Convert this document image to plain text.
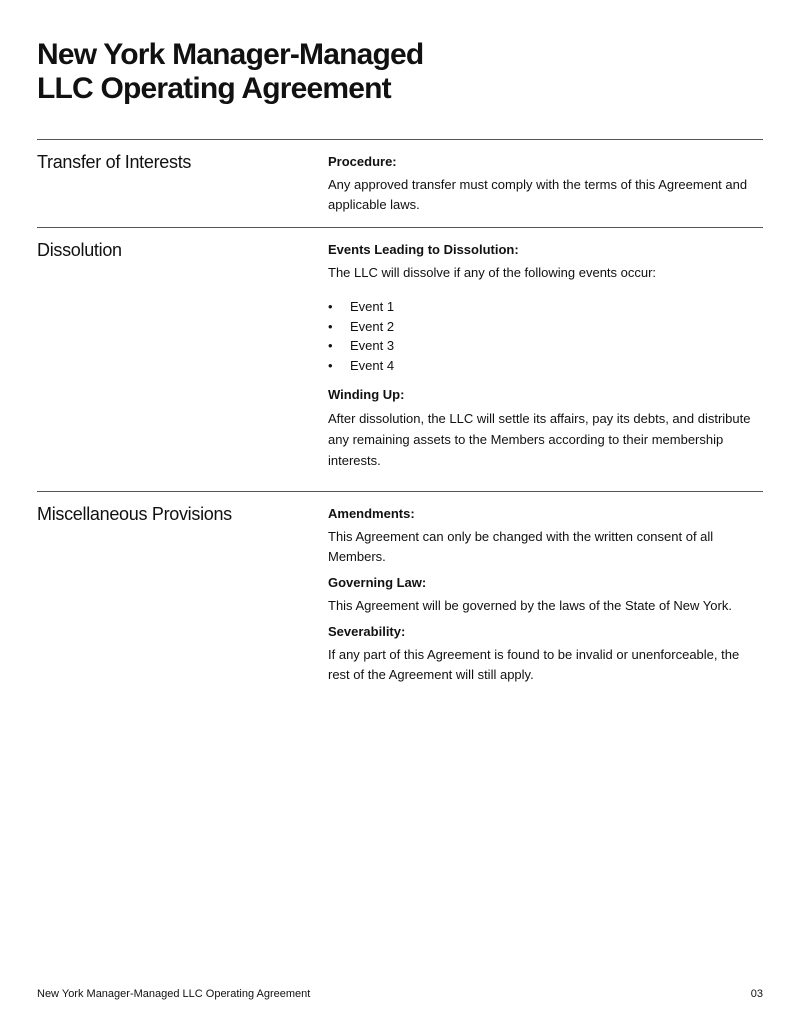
New York Manager-Managed
LLC Operating Agreement
Transfer of Interests	Procedure:
Any approved transfer must comply with the terms of this Agreement and applicable laws.
Dissolution	Events Leading to Dissolution:
The LLC will dissolve if any of the following events occur:
• Event 1
• Event 2
• Event 3
• Event 4
Winding Up:
After dissolution, the LLC will settle its affairs, pay its debts, and distribute any remaining assets to the Members according to their membership interests.
Miscellaneous Provisions	Amendments:
This Agreement can only be changed with the written consent of all Members.
Governing Law:
This Agreement will be governed by the laws of the State of New York.
Severability:
If any part of this Agreement is found to be invalid or unenforceable, the rest of the Agreement will still apply.
New York Manager-Managed LLC Operating Agreement	03
